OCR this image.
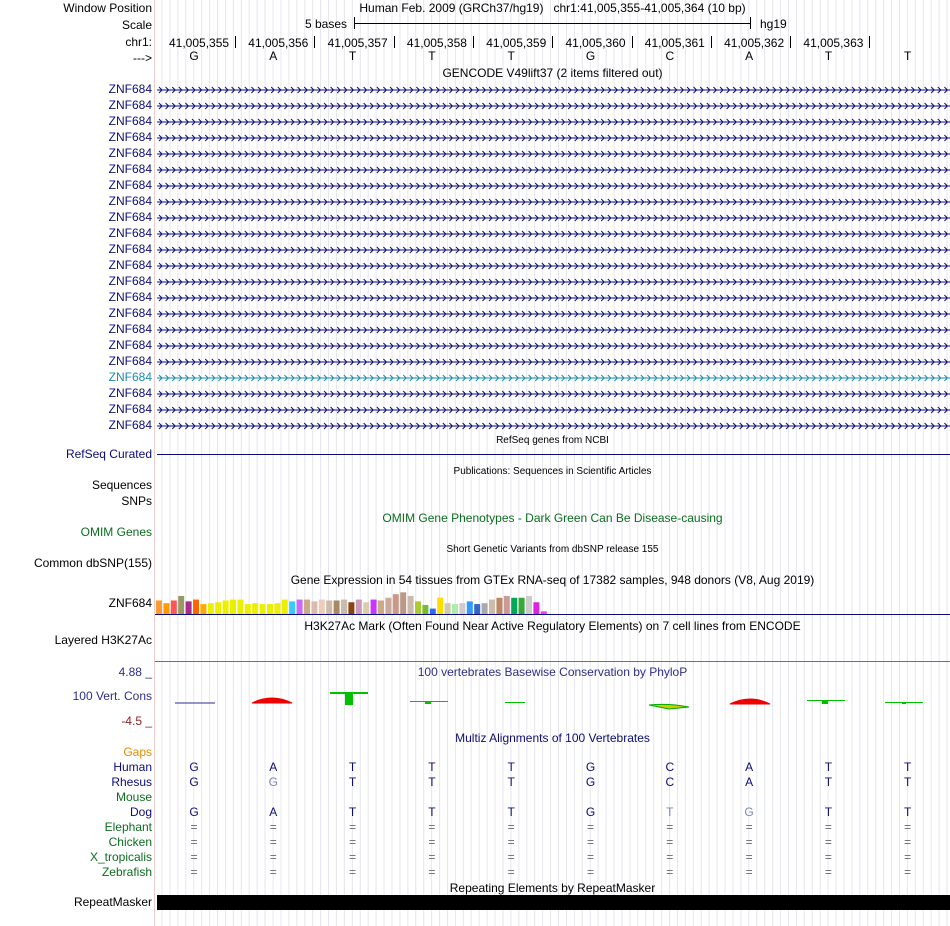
Window Position	Human Feb. 2009 (GRCh37/hg19)   chr1:41,005,355-41,005,364 (10 bp)
Scale	5 bases	hg19
chr1: 41,005,355 41,005,356 41,005,357 41,005,358 41,005,359 41,005,360 41,005,361 41,005,362 41,005,363
--->	G	A	T	T	T	G	C	A	T	T
GENCODE V49lift37 (2 items filtered out)
ZNF684
ZNF684
ZNF684
ZNF684
ZNF684
ZNF684
ZNF684
ZNF684
ZNF684
ZNF684
ZNF684
ZNF684
ZNF684
ZNF684
ZNF684
ZNF684
ZNF684
ZNF684
ZNF684
ZNF684
ZNF684
ZNF684
RefSeq genes from NCBI
RefSeq Curated
Publications: Sequences in Scientific Articles
Sequences
SNPs
OMIM Gene Phenotypes - Dark Green Can Be Disease-causing
OMIM Genes
Short Genetic Variants from dbSNP release 155
Common dbSNP(155)
Gene Expression in 54 tissues from GTEx RNA-seq of 17382 samples, 948 donors (V8, Aug 2019)
ZNF684
H3K27Ac Mark (Often Found Near Active Regulatory Elements) on 7 cell lines from ENCODE
Layered H3K27Ac
100 vertebrates Basewise Conservation by PhyloP
4.88 _
100 Vert. Cons
-4.5 _
Multiz Alignments of 100 Vertebrates
Gaps
Human	G	A	T	T	T	G	C	A	T	T
Rhesus	G	G	T	T	T	G	C	A	T	T
Mouse
Dog	G	A	T	T	T	G	T	G	T	T
Elephant	=	=	=	=	=	=	=	=	=	=
Chicken	=	=	=	=	=	=	=	=	=	=
X_tropicalis	=	=	=	=	=	=	=	=	=	=
Zebrafish	=	=	=	=	=	=	=	=	=	=
Repeating Elements by RepeatMasker
RepeatMasker
